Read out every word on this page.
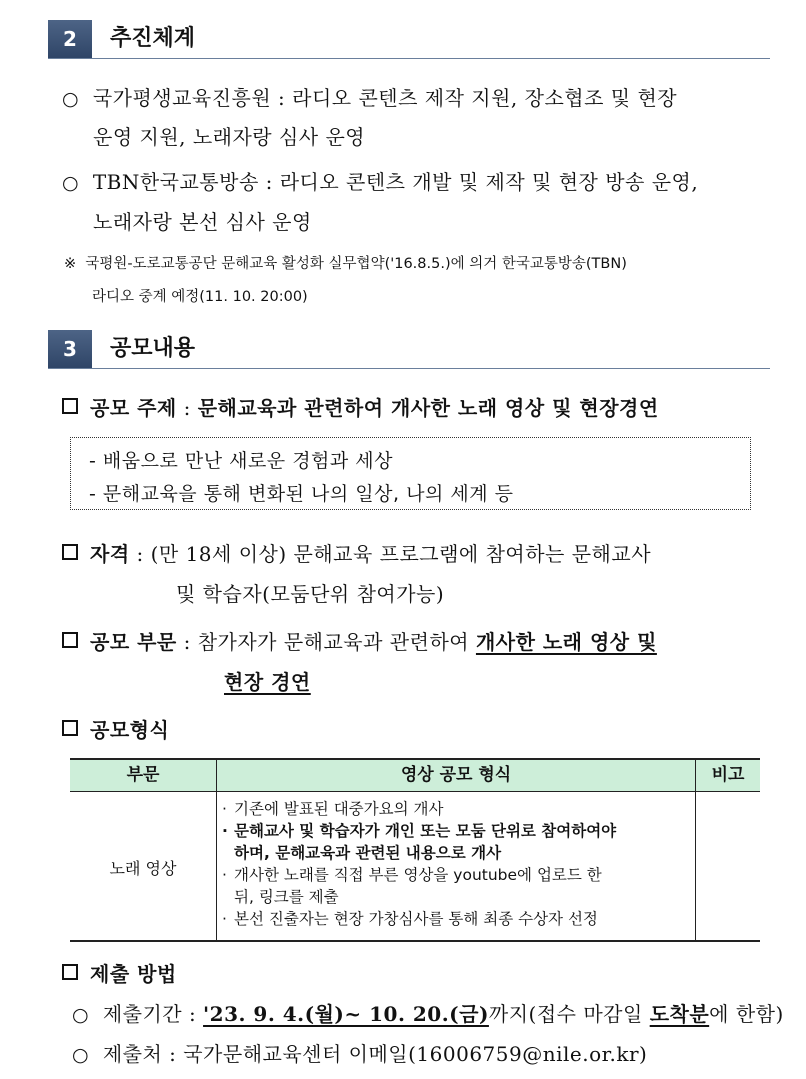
2	추진체계
○ 국가평생교육진흥원 : 라디오 콘텐츠 제작 지원, 장소협조 및 현장
운영 지원, 노래자랑 심사 운영
○ TBN한국교통방송 : 라디오 콘텐츠 개발 및 제작 및 현장 방송 운영,
노래자랑 본선 심사 운영
※ 국평원-도로교통공단 문해교육 활성화 실무협약('16.8.5.)에 의거 한국교통방송(TBN)
라디오 중계 예정(11. 10. 20:00)
3	공모내용
공모 주제 : 문해교육과 관련하여 개사한 노래 영상 및 현장경연
- 배움으로 만난 새로운 경험과 세상
- 문해교육을 통해 변화된 나의 일상, 나의 세계 등
자격 : (만 18세 이상) 문해교육 프로그램에 참여하는 문해교사
및 학습자(모둠단위 참여가능)
공모 부문 : 참가자가 문해교육과 관련하여 개사한 노래 영상 및
현장 경연
공모형식
부문	영상 공모 형식	비고
노래 영상
· 기존에 발표된 대중가요의 개사
· 문해교사 및 학습자가 개인 또는 모둠 단위로 참여하여야
하며, 문해교육과 관련된 내용으로 개사
· 개사한 노래를 직접 부른 영상을 youtube에 업로드 한
뒤, 링크를 제출
· 본선 진출자는 현장 가창심사를 통해 최종 수상자 선정
제출 방법
○ 제출기간 : '23. 9. 4.(월)~ 10. 20.(금)까지(접수 마감일 도착분에 한함)
○ 제출처 : 국가문해교육센터 이메일(16006759@nile.or.kr)
